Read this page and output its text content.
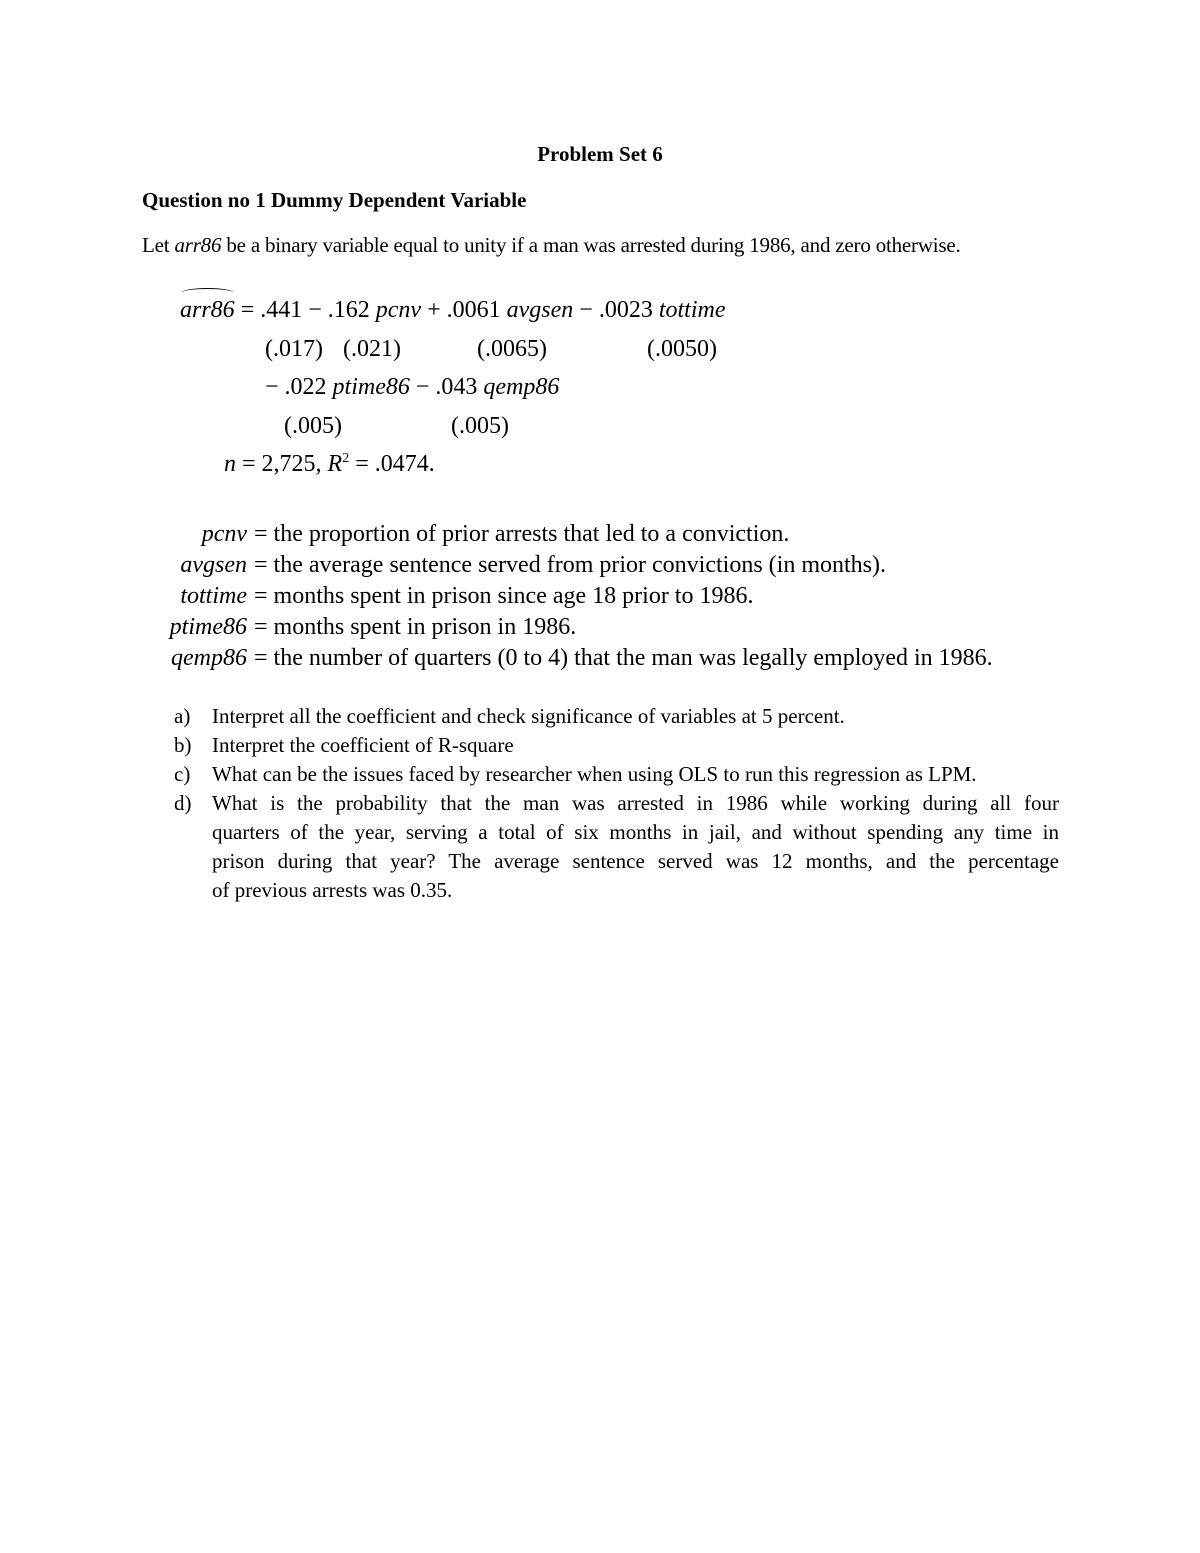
Problem Set 6
Question no 1 Dummy Dependent Variable
Let arr86 be a binary variable equal to unity if a man was arrested during 1986, and zero otherwise.
arr86 = .441 − .162 pcnv + .0061 avgsen − .0023 tottime
(.017) (.021)	(.0065)	(.0050)
− .022 ptime86 − .043 qemp86
(.005)	(.005)
n = 2,725, $R^2 = .0474$.
pcnv = the proportion of prior arrests that led to a conviction.
avgsen = the average sentence served from prior convictions (in months).
tottime = months spent in prison since age 18 prior to 1986.
ptime86 = months spent in prison in 1986.
qemp86 = the number of quarters (0 to 4) that the man was legally employed in 1986.
a) Interpret all the coefficient and check significance of variables at 5 percent.
b) Interpret the coefficient of R-square
c) What can be the issues faced by researcher when using OLS to run this regression as LPM.
d) What is the probability that the man was arrested in 1986 while working during all four
quarters of the year, serving a total of six months in jail, and without spending any time in
prison during that year? The average sentence served was 12 months, and the percentage
of previous arrests was 0.35.
